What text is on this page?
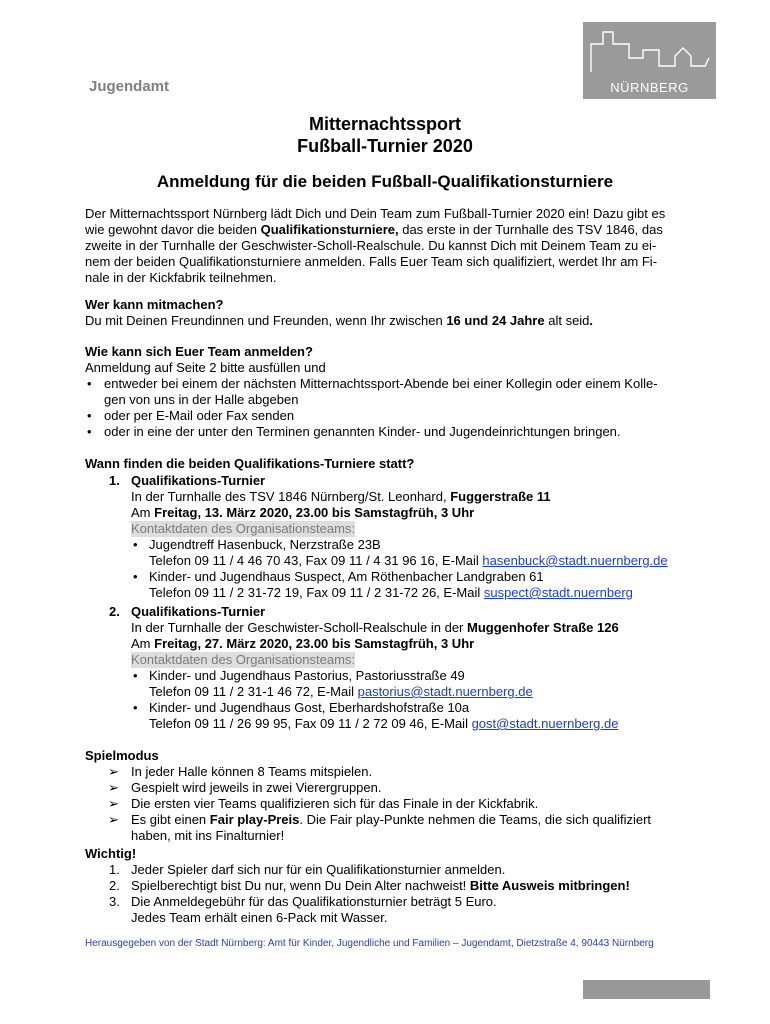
Jugendamt	NÜRNBERG
Mitternachtssport
Fußball-Turnier 2020
Anmeldung für die beiden Fußball-Qualifikationsturniere
Der Mitternachtssport Nürnberg lädt Dich und Dein Team zum Fußball-Turnier 2020 ein! Dazu gibt es
wie gewohnt davor die beiden Qualifikationsturniere, das erste in der Turnhalle des TSV 1846, das
zweite in der Turnhalle der Geschwister-Scholl-Realschule. Du kannst Dich mit Deinem Team zu ei-
nem der beiden Qualifikationsturniere anmelden. Falls Euer Team sich qualifiziert, werdet Ihr am Fi-
nale in der Kickfabrik teilnehmen.
Wer kann mitmachen?
Du mit Deinen Freundinnen und Freunden, wenn Ihr zwischen 16 und 24 Jahre alt seid.
Wie kann sich Euer Team anmelden?
Anmeldung auf Seite 2 bitte ausfüllen und
• entweder bei einem der nächsten Mitternachtssport-Abende bei einer Kollegin oder einem Kolle-
gen von uns in der Halle abgeben
• oder per E-Mail oder Fax senden
• oder in eine der unter den Terminen genannten Kinder- und Jugendeinrichtungen bringen.
Wann finden die beiden Qualifikations-Turniere statt?
1. Qualifikations-Turnier
In der Turnhalle des TSV 1846 Nürnberg/St. Leonhard, Fuggerstraße 11
Am Freitag, 13. März 2020, 23.00 bis Samstagfrüh, 3 Uhr
Kontaktdaten des Organisationsteams:
• Jugendtreff Hasenbuck, Nerzstraße 23B
Telefon 09 11 / 4 46 70 43, Fax 09 11 / 4 31 96 16, E-Mail hasenbuck@stadt.nuernberg.de
• Kinder- und Jugendhaus Suspect, Am Röthenbacher Landgraben 61
Telefon 09 11 / 2 31-72 19, Fax 09 11 / 2 31-72 26, E-Mail suspect@stadt.nuernberg
2. Qualifikations-Turnier
In der Turnhalle der Geschwister-Scholl-Realschule in der Muggenhofer Straße 126
Am Freitag, 27. März 2020, 23.00 bis Samstagfrüh, 3 Uhr
Kontaktdaten des Organisationsteams:
• Kinder- und Jugendhaus Pastorius, Pastoriusstraße 49
Telefon 09 11 / 2 31-1 46 72, E-Mail pastorius@stadt.nuernberg.de
• Kinder- und Jugendhaus Gost, Eberhardshofstraße 10a
Telefon 09 11 / 26 99 95, Fax 09 11 / 2 72 09 46, E-Mail gost@stadt.nuernberg.de
Spielmodus
➢ In jeder Halle können 8 Teams mitspielen.
➢ Gespielt wird jeweils in zwei Vierergruppen.
➢ Die ersten vier Teams qualifizieren sich für das Finale in der Kickfabrik.
➢ Es gibt einen Fair play-Preis. Die Fair play-Punkte nehmen die Teams, die sich qualifiziert
haben, mit ins Finalturnier!
Wichtig!
1. Jeder Spieler darf sich nur für ein Qualifikationsturnier anmelden.
2. Spielberechtigt bist Du nur, wenn Du Dein Alter nachweist! Bitte Ausweis mitbringen!
3. Die Anmeldegebühr für das Qualifikationsturnier beträgt 5 Euro.
Jedes Team erhält einen 6-Pack mit Wasser.
Herausgegeben von der Stadt Nürnberg: Amt für Kinder, Jugendliche und Familien – Jugendamt, Dietzstraße 4, 90443 Nürnberg
